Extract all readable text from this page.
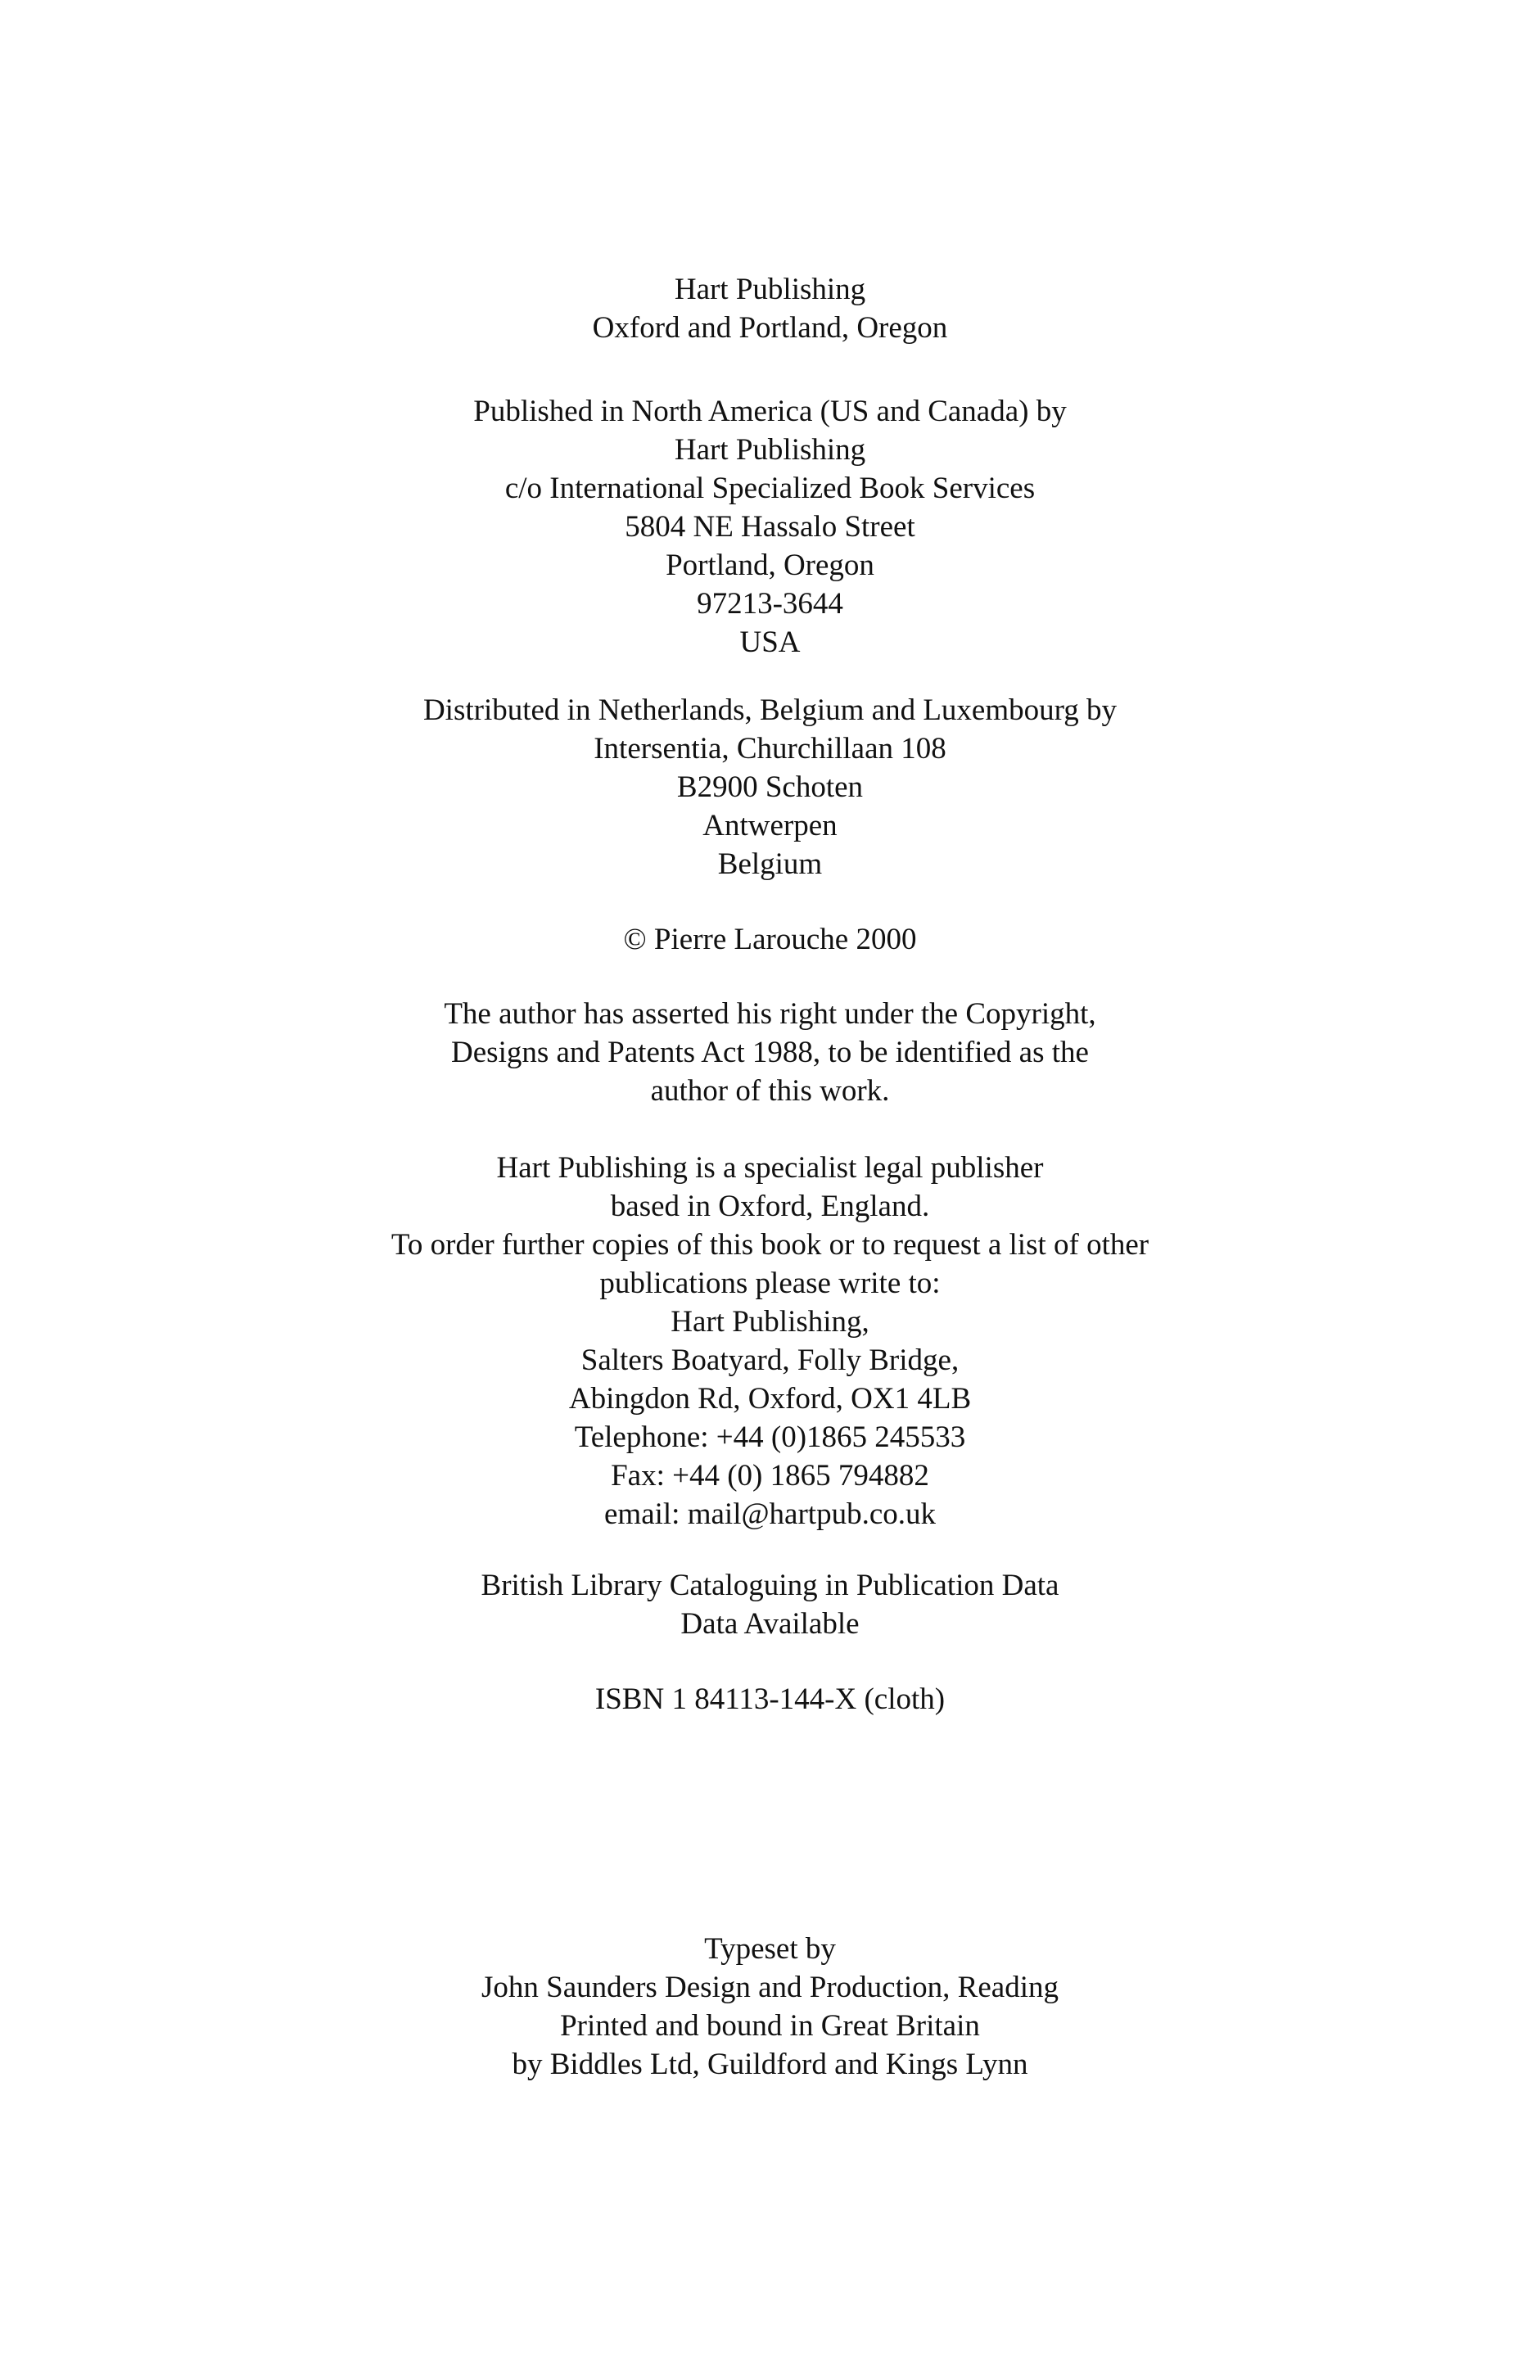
Hart Publishing
Oxford and Portland, Oregon
Published in North America (US and Canada) by
Hart Publishing
c/o International Specialized Book Services
5804 NE Hassalo Street
Portland, Oregon
97213-3644
USA
Distributed in Netherlands, Belgium and Luxembourg by
Intersentia, Churchillaan 108
B2900 Schoten
Antwerpen
Belgium
© Pierre Larouche 2000
The author has asserted his right under the Copyright,
Designs and Patents Act 1988, to be identified as the
author of this work.
Hart Publishing is a specialist legal publisher
based in Oxford, England.
To order further copies of this book or to request a list of other
publications please write to:
Hart Publishing,
Salters Boatyard, Folly Bridge,
Abingdon Rd, Oxford, OX1 4LB
Telephone: +44 (0)1865 245533
Fax: +44 (0) 1865 794882
email: mail@hartpub.co.uk
British Library Cataloguing in Publication Data
Data Available
ISBN 1 84113-144-X (cloth)
Typeset by
John Saunders Design and Production, Reading
Printed and bound in Great Britain
by Biddles Ltd, Guildford and Kings Lynn
